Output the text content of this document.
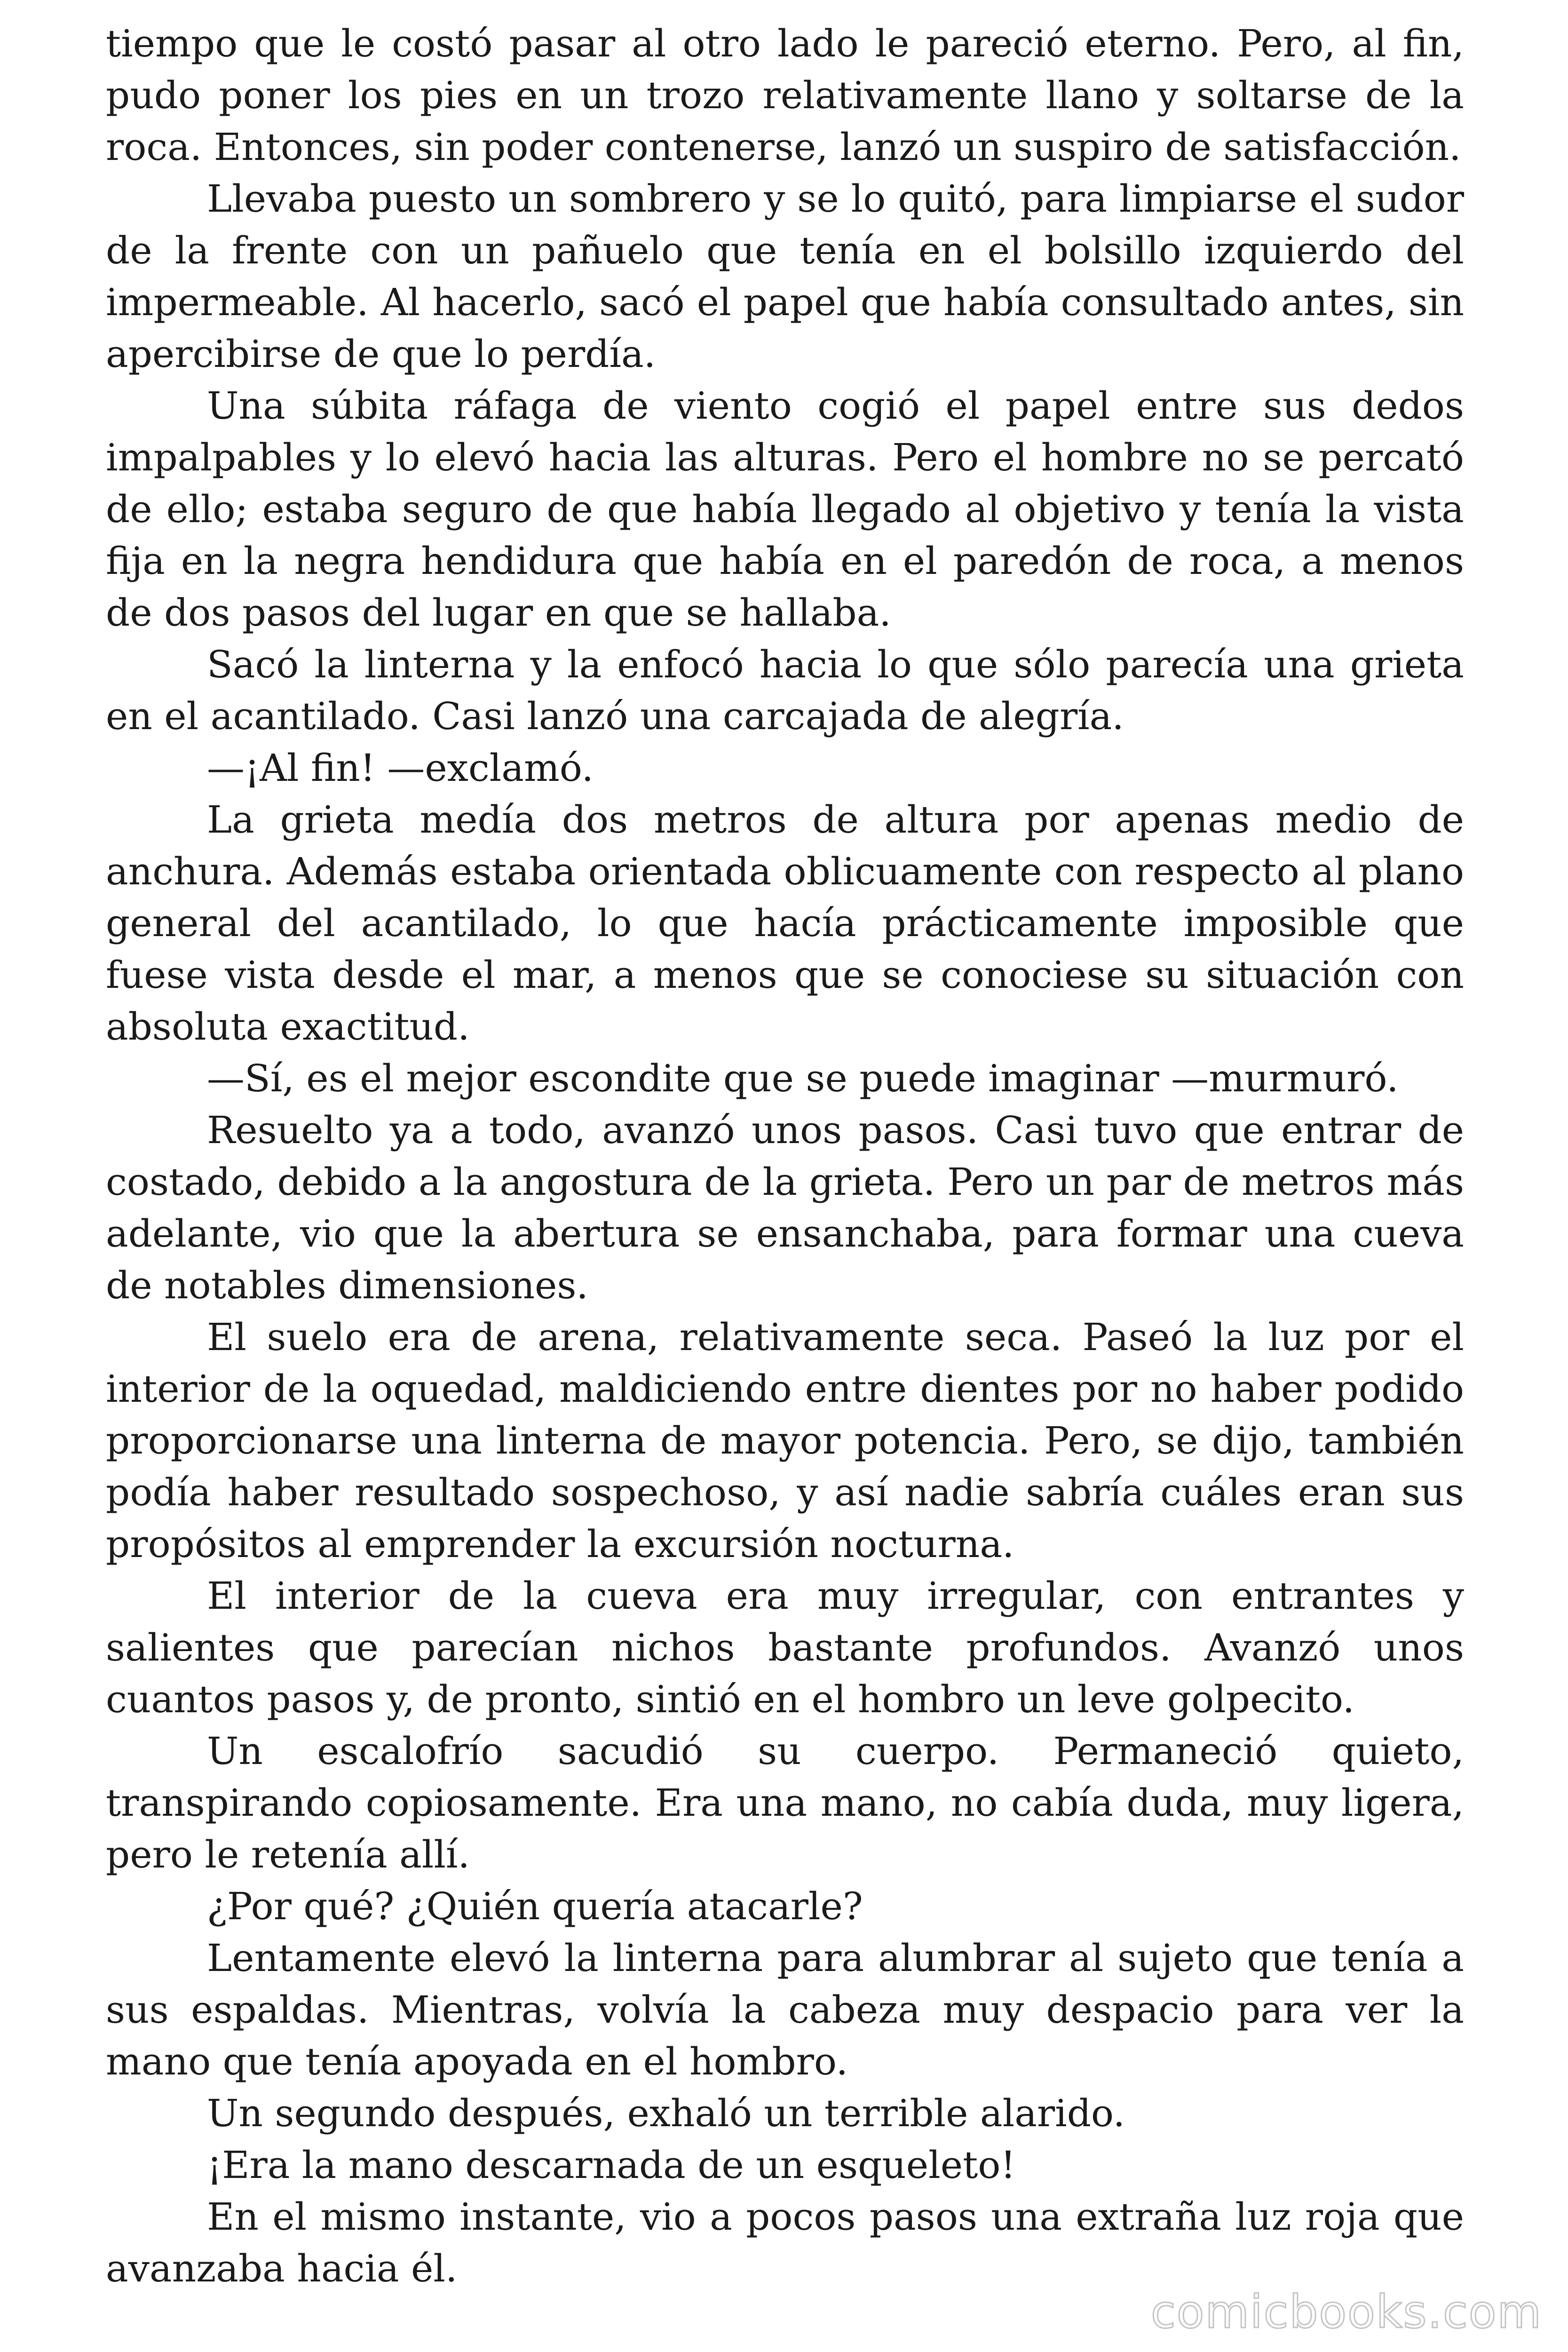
tiempo que le costó pasar al otro lado le pareció eterno. Pero, al fin, pudo poner los pies en un trozo relativamente llano y soltarse de la roca. Entonces, sin poder contenerse, lanzó un suspiro de satisfacción.

Llevaba puesto un sombrero y se lo quitó, para limpiarse el sudor de la frente con un pañuelo que tenía en el bolsillo izquierdo del impermeable. Al hacerlo, sacó el papel que había consultado antes, sin apercibirse de que lo perdía.

Una súbita ráfaga de viento cogió el papel entre sus dedos impalpables y lo elevó hacia las alturas. Pero el hombre no se percató de ello; estaba seguro de que había llegado al objetivo y tenía la vista fija en la negra hendidura que había en el paredón de roca, a menos de dos pasos del lugar en que se hallaba.

Sacó la linterna y la enfocó hacia lo que sólo parecía una grieta en el acantilado. Casi lanzó una carcajada de alegría.

—¡Al fin! —exclamó.

La grieta medía dos metros de altura por apenas medio de anchura. Además estaba orientada oblicuamente con respecto al plano general del acantilado, lo que hacía prácticamente imposible que fuese vista desde el mar, a menos que se conociese su situación con absoluta exactitud.

—Sí, es el mejor escondite que se puede imaginar —murmuró.

Resuelto ya a todo, avanzó unos pasos. Casi tuvo que entrar de costado, debido a la angostura de la grieta. Pero un par de metros más adelante, vio que la abertura se ensanchaba, para formar una cueva de notables dimensiones.

El suelo era de arena, relativamente seca. Paseó la luz por el interior de la oquedad, maldiciendo entre dientes por no haber podido proporcionarse una linterna de mayor potencia. Pero, se dijo, también podía haber resultado sospechoso, y así nadie sabría cuáles eran sus propósitos al emprender la excursión nocturna.

El interior de la cueva era muy irregular, con entrantes y salientes que parecían nichos bastante profundos. Avanzó unos cuantos pasos y, de pronto, sintió en el hombro un leve golpecito.

Un escalofrío sacudió su cuerpo. Permaneció quieto, transpirando copiosamente. Era una mano, no cabía duda, muy ligera, pero le retenía allí.

¿Por qué? ¿Quién quería atacarle?

Lentamente elevó la linterna para alumbrar al sujeto que tenía a sus espaldas. Mientras, volvía la cabeza muy despacio para ver la mano que tenía apoyada en el hombro.

Un segundo después, exhaló un terrible alarido.

¡Era la mano descarnada de un esqueleto!

En el mismo instante, vio a pocos pasos una extraña luz roja que avanzaba hacia él.

comicbooks.com
